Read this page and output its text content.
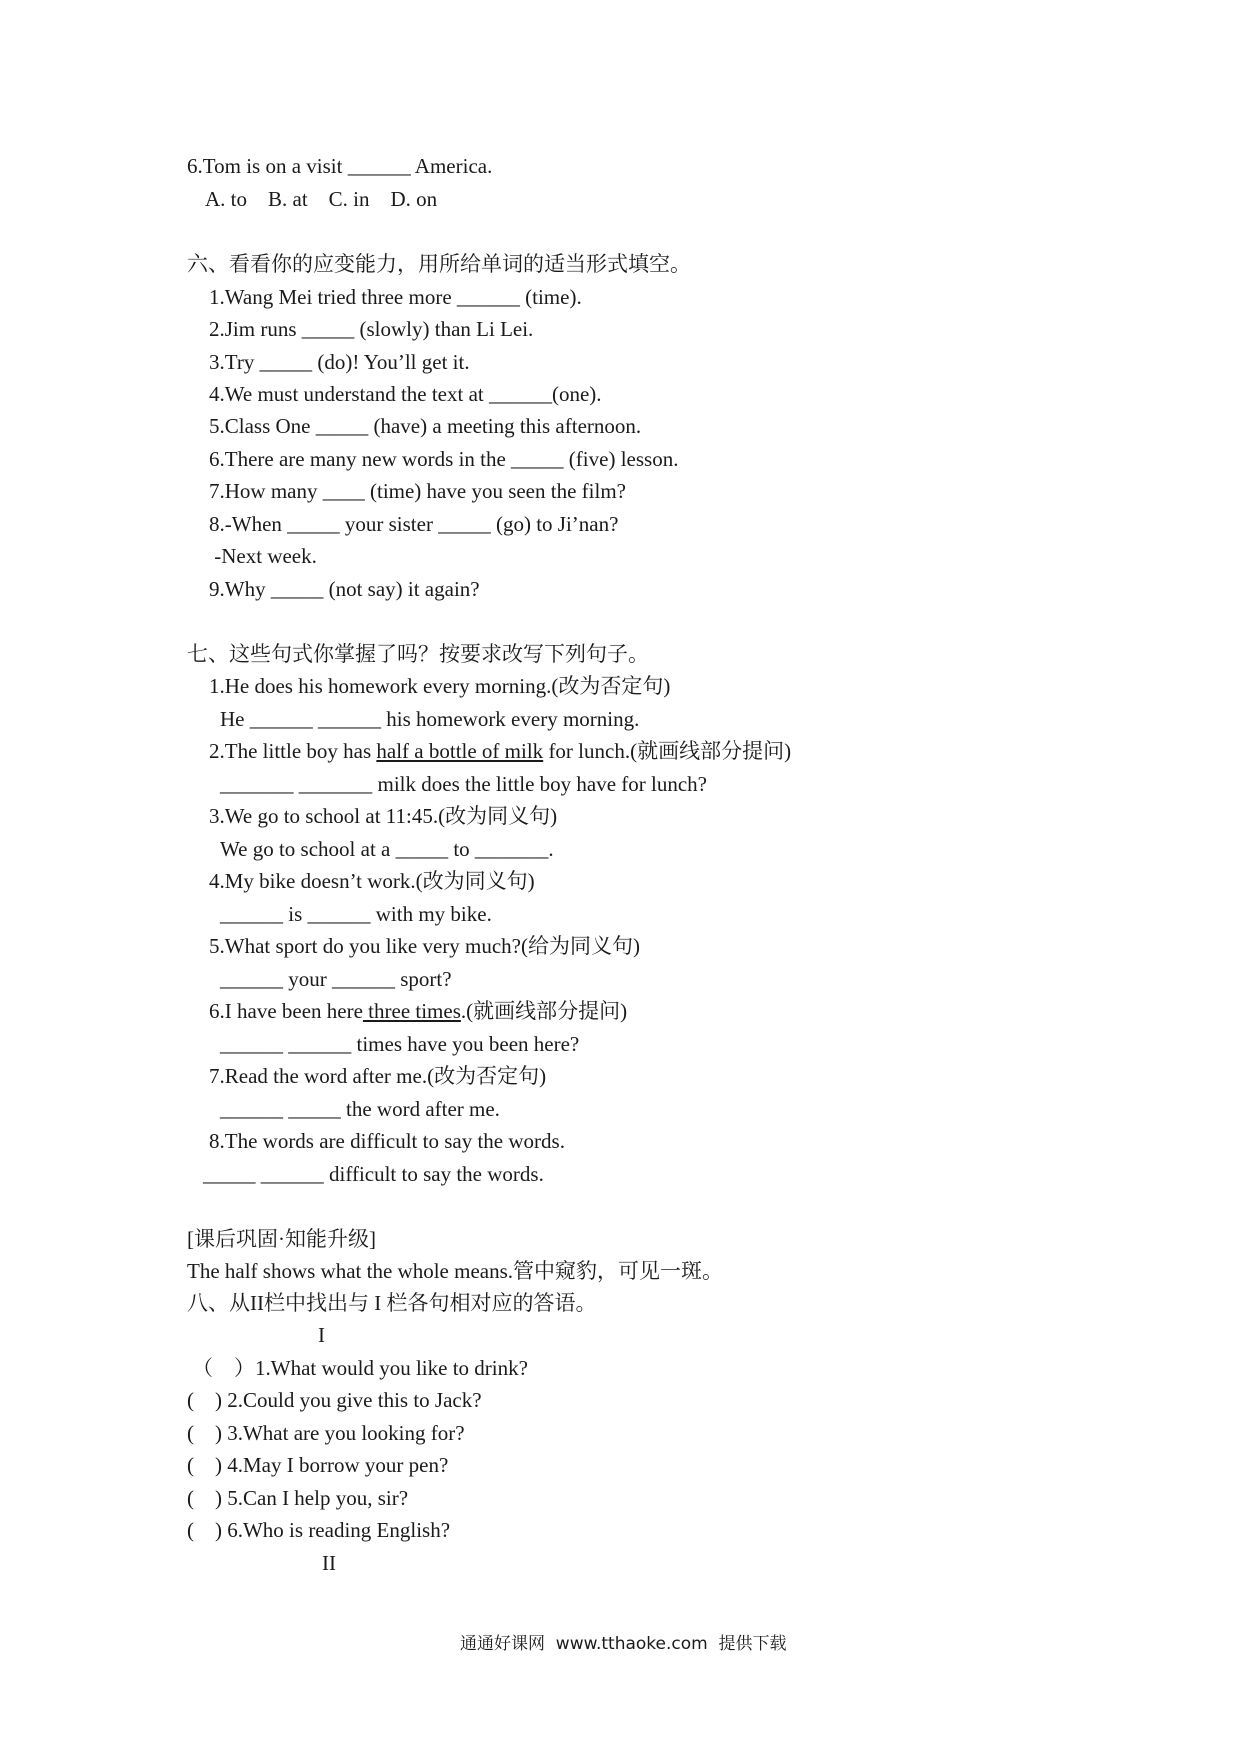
6.Tom is on a visit ______ America.
A. to    B. at    C. in    D. on
六、看看你的应变能力，用所给单词的适当形式填空。
1.Wang Mei tried three more ______ (time).
2.Jim runs _____ (slowly) than Li Lei.
3.Try _____ (do)! You’ll get it.
4.We must understand the text at ______(one).
5.Class One _____ (have) a meeting this afternoon.
6.There are many new words in the _____ (five) lesson.
7.How many ____ (time) have you seen the film?
8.-When _____ your sister _____ (go) to Ji’nan?
-Next week.
9.Why _____ (not say) it again?
七、这些句式你掌握了吗？按要求改写下列句子。
1.He does his homework every morning.(改为否定句)
He ______ ______ his homework every morning.
2.The little boy has half a bottle of milk for lunch.(就画线部分提问)
_______ _______ milk does the little boy have for lunch?
3.We go to school at 11:45.(改为同义句)
We go to school at a _____ to _______.
4.My bike doesn’t work.(改为同义句)
______ is ______ with my bike.
5.What sport do you like very much?(给为同义句)
______ your ______ sport?
6.I have been here three times.(就画线部分提问)
______ ______ times have you been here?
7.Read the word after me.(改为否定句)
______ _____ the word after me.
8.The words are difficult to say the words.
_____ ______ difficult to say the words.
[课后巩固·知能升级]
The half shows what the whole means.管中窥豹，可见一斑。
八、从II栏中找出与 I 栏各句相对应的答语。
I
（    ）1.What would you like to drink?
(    ) 2.Could you give this to Jack?
(    ) 3.What are you looking for?
(    ) 4.May I borrow your pen?
(    ) 5.Can I help you, sir?
(    ) 6.Who is reading English?
II
通通好课网  www.tthaoke.com  提供下载
